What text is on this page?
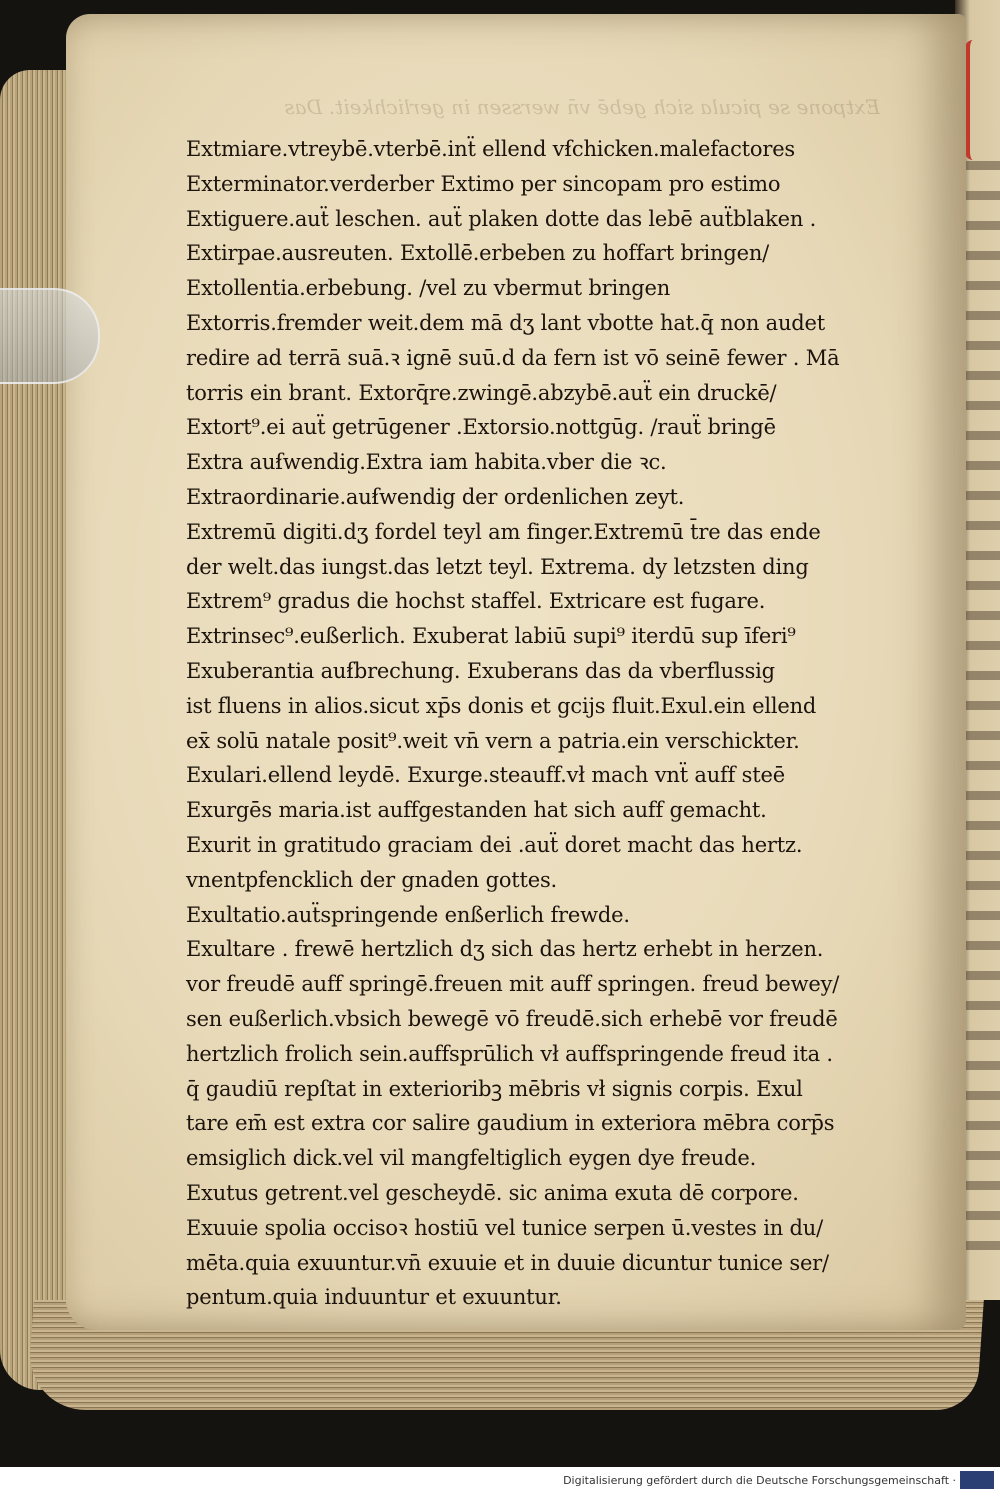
Extpone se picula sich gebē vn̄ werssen in gerlichkeit. Das
Extmiare.vtreybē.vterbē.inẗ ellend vẜchicken.malefactores
Exterminator.verderber Extimo per sincopam pro estimo
Extiguere.auẗ leschen. auẗ plaken dotte das lebē auẗblaken .
Extirpae.ausreuten. Extollē.erbeben zu hoffart bringen/
Extollentia.erbebung. /vel zu vbermut bringen
Extorris.fremder weit.dem mā dʒ lant vbotte hat.q̄ non audet
redire ad terrā suā.ꝛ ignē suū.d da fern ist vō seinē fewer . Mā
torris ein brant. Extorq̄re.zwingē.abzybē.auẗ ein druckē/
Extort⁹.ei auẗ getrūgener .Extorsio.nottgūg. /rauẗ bringē
Extra auẜwendig.Extra iam habita.vber die ꝛc.
Extraordinarie.auẜwendig der ordenlichen zeyt.
Extremū digiti.dʒ fordel teyl am finger.Extremū t̄re das ende
der welt.das iungst.das letzt teyl. Extrema. dy letzsten ding
Extrem⁹ gradus die hochst staffel. Extricare est fugare.
Extrinsec⁹.eußerlich. Exuberat labiū supi⁹ iterdū sup īferi⁹
Exuberantia auẜbrechung. Exuberans das da vberflussig
ist fluens in alios.sicut xp̄s donis et gcijs fluit.Exul.ein ellend
ex̄ solū natale posit⁹.weit vn̄ vern a patria.ein verschickter.
Exulari.ellend leydē. Exurge.steauff.vł mach vnẗ auff steē
Exurgēs maria.ist auffgestanden hat sich auff gemacht.
Exurit in gratitudo graciam dei .auẗ doret macht das hertz.
vnentpfencklich der gnaden gottes.
Exultatio.auẗspringende enßerlich frewde.
Exultare . frewē hertzlich dʒ sich das hertz erhebt in herzen.
vor freudē auff springē.freuen mit auff springen. freud bewey/
sen eußerlich.vbsich bewegē vō freudē.sich erhebē vor freudē
hertzlich frolich sein.auffsprūlich vł auffspringende freud ita .
q̄ gaudiū repſtat in exterioribꝫ mēbris vł signis corpis. Exul
tare em̄ est extra cor salire gaudium in exteriora mēbra corp̄s
emsiglich dick.vel vil mangfeltiglich eygen dye freude.
Exutus getrent.vel gescheydē. sic anima exuta dē corpore.
Exuuie spolia occisoꝛ hostiū vel tunice serpen ū.vestes in du/
mēta.quia exuuntur.vn̄ exuuie et in duuie dicuntur tunice ser/
pentum.quia induuntur et exuuntur.
Digitalisierung gefördert durch die Deutsche Forschungsgemeinschaft ·
